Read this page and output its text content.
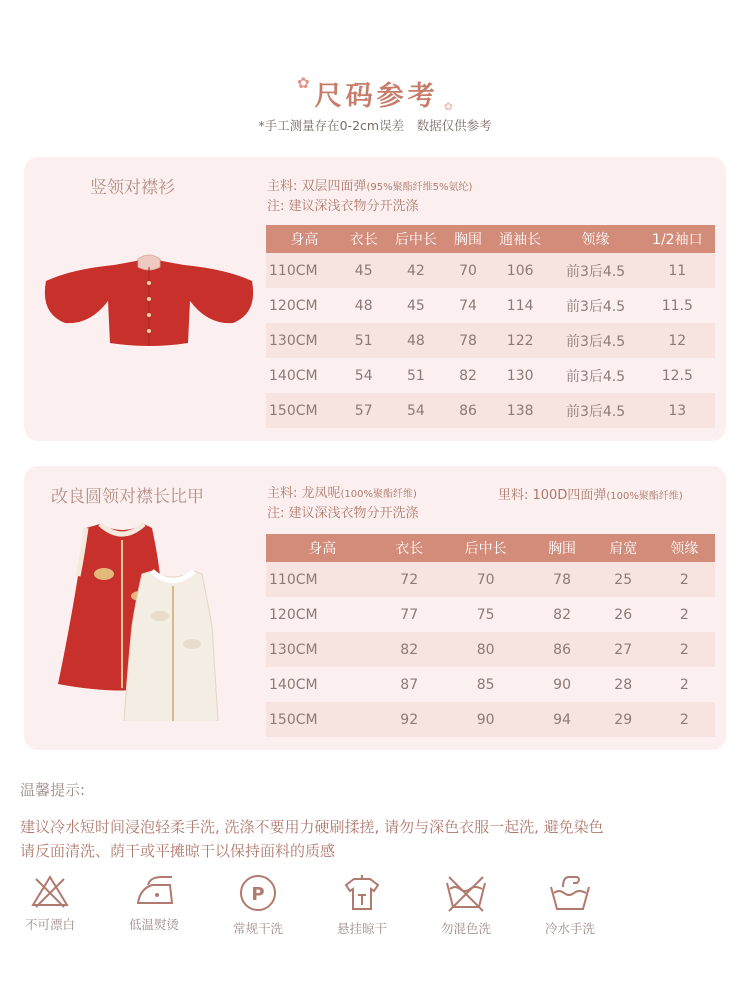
✿ 尺码参考 ✿
*手工测量存在0-2cm误差　数据仅供参考
竖领对襟衫	主料: 双层四面弹(95%聚酯纤维5%氨纶)
注: 建议深浅衣物分开洗涤
身高	衣长	后中长	胸围	通袖长	领缘	1/2袖口
110CM	45	42	70	106	前3后4.5	11
120CM	48	45	74	114	前3后4.5	11.5
130CM	51	48	78	122	前3后4.5	12
140CM	54	51	82	130	前3后4.5	12.5
150CM	57	54	86	138	前3后4.5	13
改良圆领对襟长比甲	主料: 龙凤呢(100%聚酯纤维)
注: 建议深浅衣物分开洗涤
里料: 100D四面弹(100%聚酯纤维)
身高	衣长	后中长	胸围	肩宽	领缘
110CM	72	70	78	25	2
120CM	77	75	82	26	2
130CM	82	80	86	27	2
140CM	87	85	90	28	2
150CM	92	90	94	29	2
温馨提示:
建议冷水短时间浸泡轻柔手洗, 洗涤不要用力硬刷揉搓, 请勿与深色衣服一起洗, 避免染色
请反面清洗、荫干或平摊晾干以保持面料的质感
不可漂白	低温熨烫
P
常规干洗	悬挂晾干	勿混色洗	冷水手洗
